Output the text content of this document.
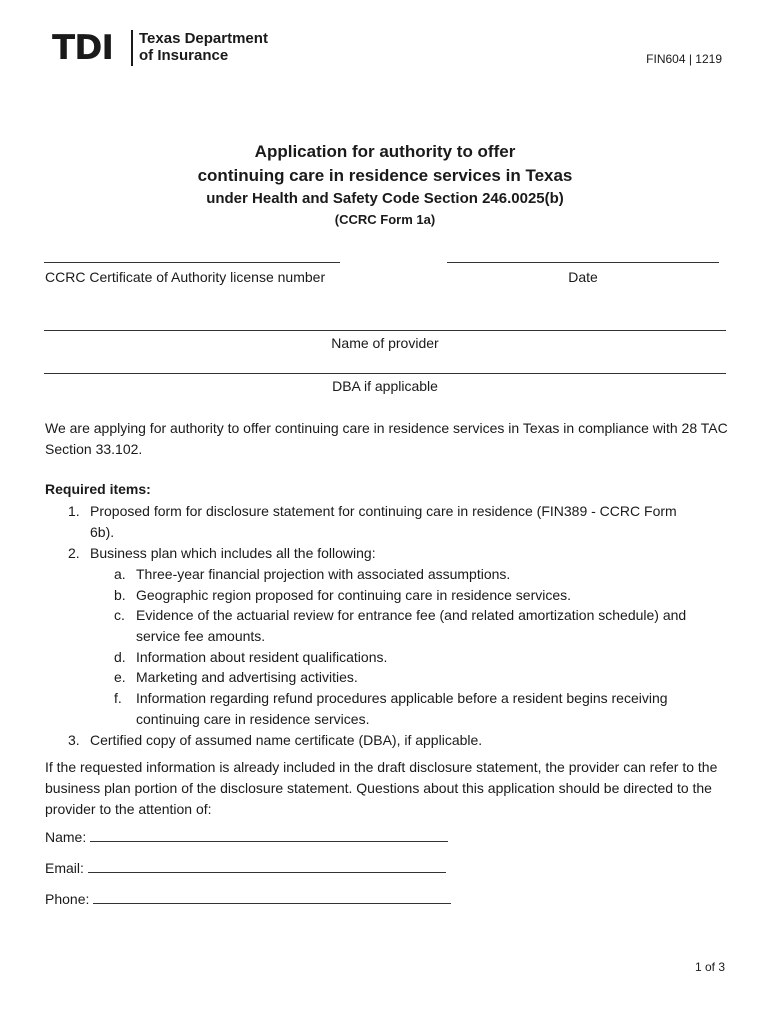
TDI Texas Department
of Insurance	FIN604 | 1219
Application for authority to offer
continuing care in residence services in Texas
under Health and Safety Code Section 246.0025(b)
(CCRC Form 1a)
CCRC Certificate of Authority license number	Date
Name of provider
DBA if applicable
We are applying for authority to offer continuing care in residence services in Texas in compliance with 28 TAC Section 33.102.
Required items:
1. Proposed form for disclosure statement for continuing care in residence (FIN389 - CCRC Form
6b).
2. Business plan which includes all the following:
a. Three-year financial projection with associated assumptions.
b. Geographic region proposed for continuing care in residence services.
c. Evidence of the actuarial review for entrance fee (and related amortization schedule) and
service fee amounts.
d. Information about resident qualifications.
e. Marketing and advertising activities.
f. Information regarding refund procedures applicable before a resident begins receiving
continuing care in residence services.
3. Certified copy of assumed name certificate (DBA), if applicable.
If the requested information is already included in the draft disclosure statement, the provider can refer to the business plan portion of the disclosure statement. Questions about this application should be directed to the provider to the attention of:
Name:
Email:
Phone:
1 of 3
